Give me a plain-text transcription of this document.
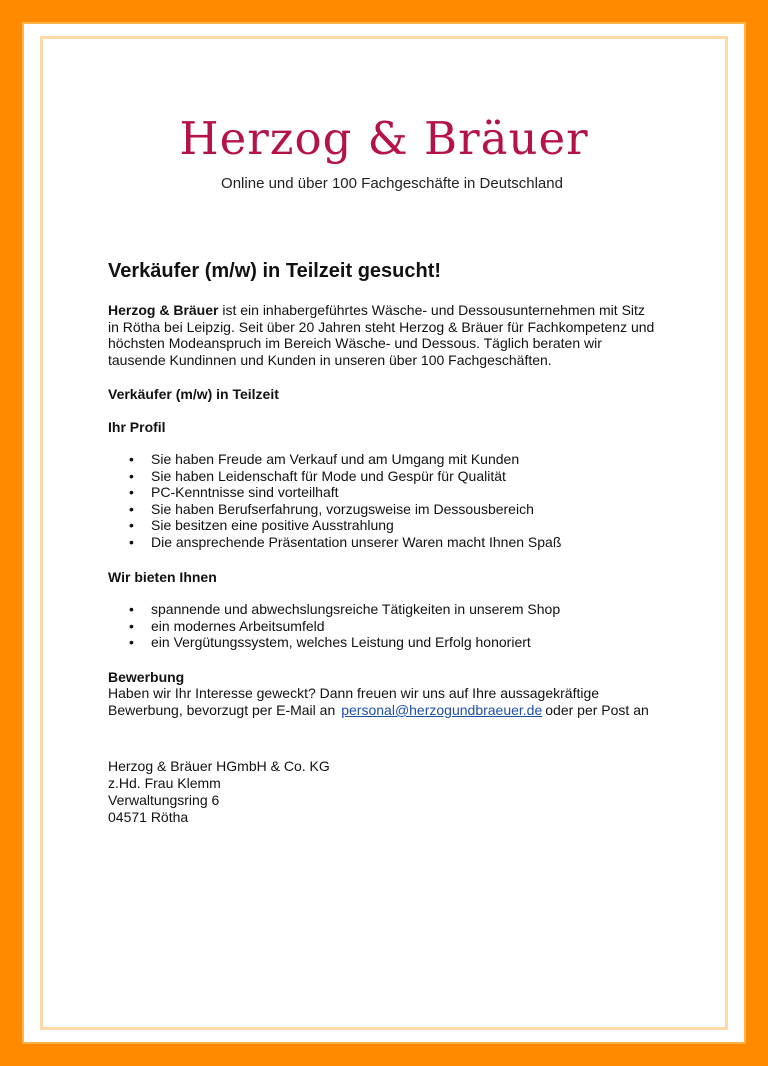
Herzog & Bräuer
Online und über 100 Fachgeschäfte in Deutschland
Verkäufer (m/w) in Teilzeit gesucht!

Herzog & Bräuer ist ein inhabergeführtes Wäsche- und Dessousunternehmen mit Sitz in Rötha bei Leipzig. Seit über 20 Jahren steht Herzog & Bräuer für Fachkompetenz und höchsten Modeanspruch im Bereich Wäsche- und Dessous. Täglich beraten wir tausende Kundinnen und Kunden in unseren über 100 Fachgeschäften.

Verkäufer (m/w) in Teilzeit

Ihr Profil

• Sie haben Freude am Verkauf und am Umgang mit Kunden
• Sie haben Leidenschaft für Mode und Gespür für Qualität
• PC-Kenntnisse sind vorteilhaft
• Sie haben Berufserfahrung, vorzugsweise im Dessousbereich
• Sie besitzen eine positive Ausstrahlung
• Die ansprechende Präsentation unserer Waren macht Ihnen Spaß

Wir bieten Ihnen

• spannende und abwechslungsreiche Tätigkeiten in unserem Shop
• ein modernes Arbeitsumfeld
• ein Vergütungssystem, welches Leistung und Erfolg honoriert

Bewerbung

Haben wir Ihr Interesse geweckt? Dann freuen wir uns auf Ihre aussagekräftige Bewerbung, bevorzugt per E-Mail an personal@herzogundbraeuer.de oder per Post an

Herzog & Bräuer HGmbH & Co. KG
z.Hd. Frau Klemm
Verwaltungsring 6
04571 Rötha
